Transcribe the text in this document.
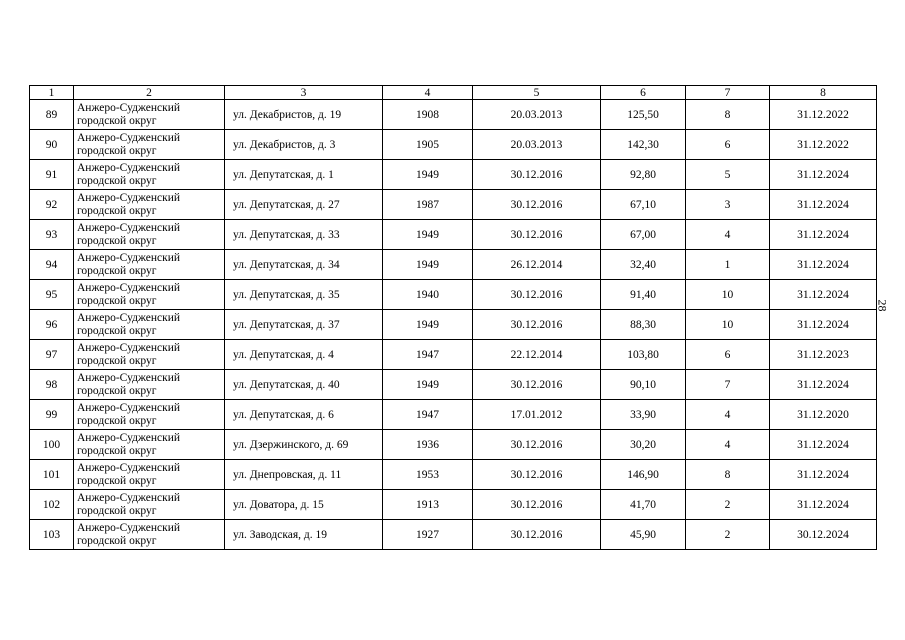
1	2	3	4	5	6	7	8
89	Анжеро-Судженский городской округ	ул. Декабристов, д. 19	1908	20.03.2013	125,50	8	31.12.2022
90	Анжеро-Судженский городской округ	ул. Декабристов, д. 3	1905	20.03.2013	142,30	6	31.12.2022
91	Анжеро-Судженский городской округ	ул. Депутатская, д. 1	1949	30.12.2016	92,80	5	31.12.2024
92	Анжеро-Судженский городской округ	ул. Депутатская, д. 27	1987	30.12.2016	67,10	3	31.12.2024
93	Анжеро-Судженский городской округ	ул. Депутатская, д. 33	1949	30.12.2016	67,00	4	31.12.2024
94	Анжеро-Судженский городской округ	ул. Депутатская, д. 34	1949	26.12.2014	32,40	1	31.12.2024
95	Анжеро-Судженский городской округ	ул. Депутатская, д. 35	1940	30.12.2016	91,40	10	31.12.2024
96	Анжеро-Судженский городской округ	ул. Депутатская, д. 37	1949	30.12.2016	88,30	10	31.12.2024
97	Анжеро-Судженский городской округ	ул. Депутатская, д. 4	1947	22.12.2014	103,80	6	31.12.2023
98	Анжеро-Судженский городской округ	ул. Депутатская, д. 40	1949	30.12.2016	90,10	7	31.12.2024
99	Анжеро-Судженский городской округ	ул. Депутатская, д. 6	1947	17.01.2012	33,90	4	31.12.2020
100	Анжеро-Судженский городской округ	ул. Дзержинского, д. 69	1936	30.12.2016	30,20	4	31.12.2024
101	Анжеро-Судженский городской округ	ул. Днепровская, д. 11	1953	30.12.2016	146,90	8	31.12.2024
102	Анжеро-Судженский городской округ	ул. Доватора, д. 15	1913	30.12.2016	41,70	2	31.12.2024
103	Анжеро-Судженский городской округ	ул. Заводская, д. 19	1927	30.12.2016	45,90	2	30.12.2024
28
